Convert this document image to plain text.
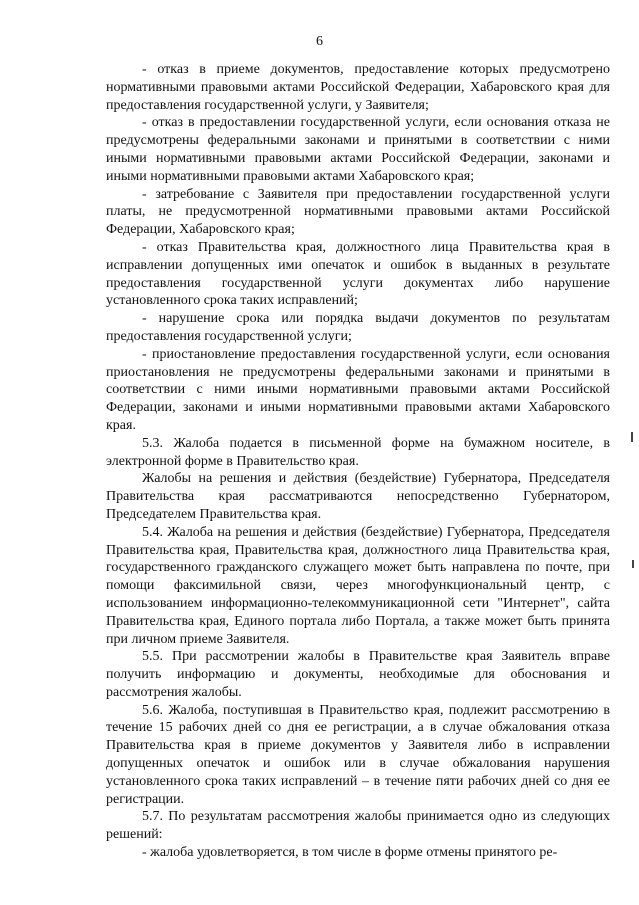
6

- отказ в приеме документов, предоставление которых предусмотрено нормативными правовыми актами Российской Федерации, Хабаровского края для предоставления государственной услуги, у Заявителя;

- отказ в предоставлении государственной услуги, если основания отказа не предусмотрены федеральными законами и принятыми в соответствии с ними иными нормативными правовыми актами Российской Федерации, законами и иными нормативными правовыми актами Хабаровского края;

- затребование с Заявителя при предоставлении государственной услуги платы, не предусмотренной нормативными правовыми актами Российской Федерации, Хабаровского края;

- отказ Правительства края, должностного лица Правительства края в исправлении допущенных ими опечаток и ошибок в выданных в результате предоставления государственной услуги документах либо нарушение установленного срока таких исправлений;

- нарушение срока или порядка выдачи документов по результатам предоставления государственной услуги;

- приостановление предоставления государственной услуги, если основания приостановления не предусмотрены федеральными законами и принятыми в соответствии с ними иными нормативными правовыми актами Российской Федерации, законами и иными нормативными правовыми актами Хабаровского края.

5.3. Жалоба подается в письменной форме на бумажном носителе, в электронной форме в Правительство края.

Жалобы на решения и действия (бездействие) Губернатора, Председателя Правительства края рассматриваются непосредственно Губернатором, Председателем Правительства края.

5.4. Жалоба на решения и действия (бездействие) Губернатора, Председателя Правительства края, Правительства края, должностного лица Правительства края, государственного гражданского служащего может быть направлена по почте, при помощи факсимильной связи, через многофункциональный центр, с использованием информационно-телекоммуникационной сети "Интернет", сайта Правительства края, Единого портала либо Портала, а также может быть принята при личном приеме Заявителя.

5.5. При рассмотрении жалобы в Правительстве края Заявитель вправе получить информацию и документы, необходимые для обоснования и рассмотрения жалобы.

5.6. Жалоба, поступившая в Правительство края, подлежит рассмотрению в течение 15 рабочих дней со дня ее регистрации, а в случае обжалования отказа Правительства края в приеме документов у Заявителя либо в исправлении допущенных опечаток и ошибок или в случае обжалования нарушения установленного срока таких исправлений – в течение пяти рабочих дней со дня ее регистрации.

5.7. По результатам рассмотрения жалобы принимается одно из следующих решений:

- жалоба удовлетворяется, в том числе в форме отмены принятого ре-
